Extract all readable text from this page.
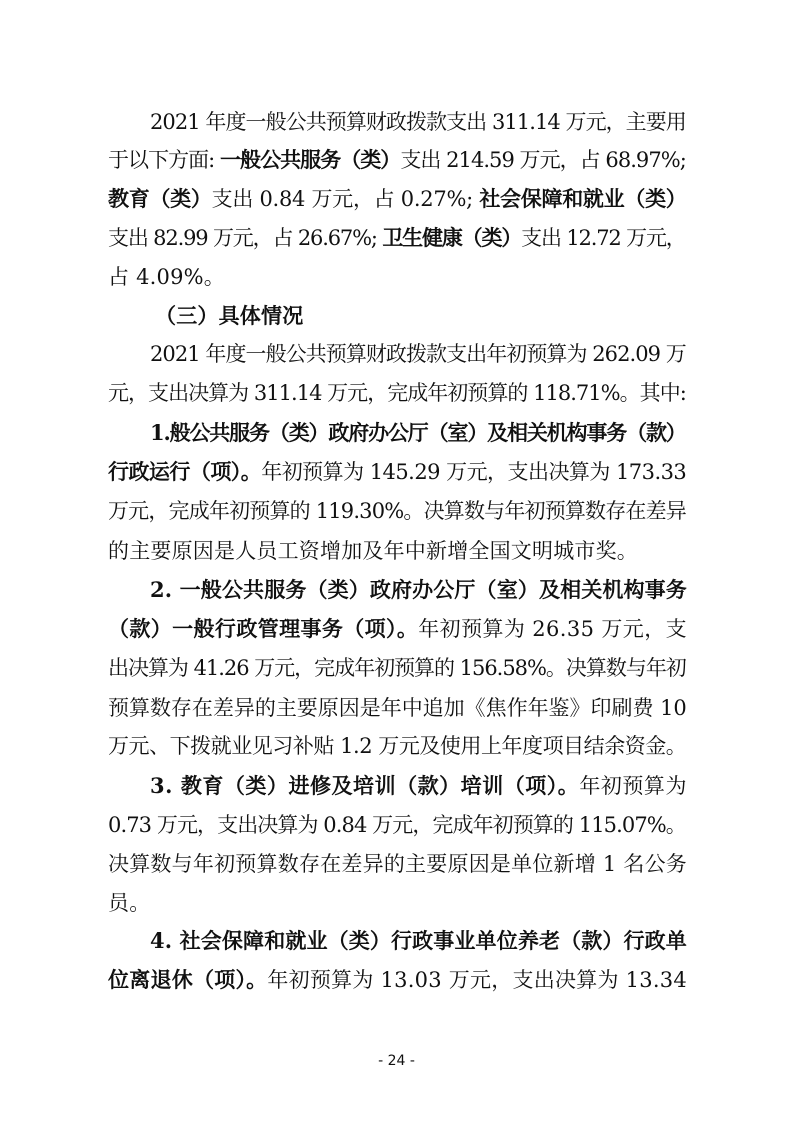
2021 年度一般公共预算财政拨款支出 311.14 万元，主要用
于以下方面: 一般公共服务（类）支出 214.59 万元，占 68.97%;
教育（类）支出 0.84 万元，占 0.27%; 社会保障和就业（类）
支出 82.99 万元，占 26.67%; 卫生健康（类）支出 12.72 万元，
占 4.09%。
（三）具体情况
2021 年度一般公共预算财政拨款支出年初预算为 262.09 万
元，支出决算为 311.14 万元，完成年初预算的 118.71%。其中:
1.般公共服务（类）政府办公厅（室）及相关机构事务（款）
行政运行（项）。年初预算为 145.29 万元，支出决算为 173.33
万元，完成年初预算的 119.30%。决算数与年初预算数存在差异
的主要原因是人员工资增加及年中新增全国文明城市奖。
2. 一般公共服务（类）政府办公厅（室）及相关机构事务
（款）一般行政管理事务（项）。年初预算为 26.35 万元，支
出决算为 41.26 万元，完成年初预算的 156.58%。决算数与年初
预算数存在差异的主要原因是年中追加《焦作年鉴》印刷费 10
万元、下拨就业见习补贴 1.2 万元及使用上年度项目结余资金。
3. 教育（类）进修及培训（款）培训（项）。年初预算为
0.73 万元，支出决算为 0.84 万元，完成年初预算的 115.07%。
决算数与年初预算数存在差异的主要原因是单位新增 1 名公务
员。
4. 社会保障和就业（类）行政事业单位养老（款）行政单
位离退休（项）。年初预算为 13.03 万元，支出决算为 13.34
- 24 -
